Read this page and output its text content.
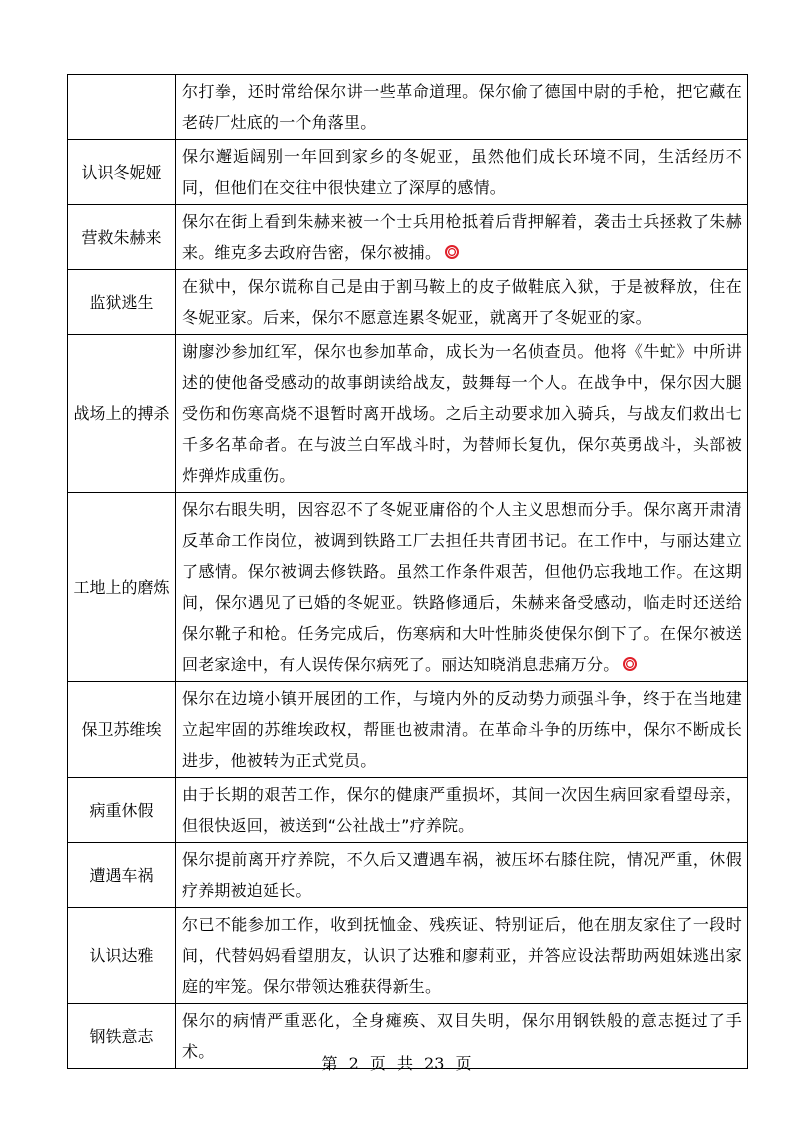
	尔打拳，还时常给保尔讲一些革命道理。保尔偷了德国中尉的手枪，把它藏在老砖厂灶底的一个角落里。
认识冬妮娅	保尔邂逅阔别一年回到家乡的冬妮亚，虽然他们成长环境不同，生活经历不同，但他们在交往中很快建立了深厚的感情。
营救朱赫来	保尔在街上看到朱赫来被一个士兵用枪抵着后背押解着，袭击士兵拯救了朱赫来。维克多去政府告密，保尔被捕。
监狱逃生	在狱中，保尔谎称自己是由于割马鞍上的皮子做鞋底入狱，于是被释放，住在冬妮亚家。后来，保尔不愿意连累冬妮亚，就离开了冬妮亚的家。
战场上的搏杀	谢廖沙参加红军，保尔也参加革命，成长为一名侦查员。他将《牛虻》中所讲述的使他备受感动的故事朗读给战友，鼓舞每一个人。在战争中，保尔因大腿受伤和伤寒高烧不退暂时离开战场。之后主动要求加入骑兵，与战友们救出七千多名革命者。在与波兰白军战斗时，为替师长复仇，保尔英勇战斗，头部被炸弹炸成重伤。
工地上的磨炼	保尔右眼失明，因容忍不了冬妮亚庸俗的个人主义思想而分手。保尔离开肃清反革命工作岗位，被调到铁路工厂去担任共青团书记。在工作中，与丽达建立了感情。保尔被调去修铁路。虽然工作条件艰苦，但他仍忘我地工作。在这期间，保尔遇见了已婚的冬妮亚。铁路修通后，朱赫来备受感动，临走时还送给保尔靴子和枪。任务完成后，伤寒病和大叶性肺炎使保尔倒下了。在保尔被送回老家途中，有人误传保尔病死了。丽达知晓消息悲痛万分。
保卫苏维埃	保尔在边境小镇开展团的工作，与境内外的反动势力顽强斗争，终于在当地建立起牢固的苏维埃政权，帮匪也被肃清。在革命斗争的历练中，保尔不断成长进步，他被转为正式党员。
病重休假	由于长期的艰苦工作，保尔的健康严重损坏，其间一次因生病回家看望母亲，但很快返回，被送到“公社战士”疗养院。
遭遇车祸	保尔提前离开疗养院，不久后又遭遇车祸，被压坏右膝住院，情况严重，休假疗养期被迫延长。
认识达雅	尔已不能参加工作，收到抚恤金、残疾证、特别证后，他在朋友家住了一段时间，代替妈妈看望朋友，认识了达雅和廖莉亚，并答应设法帮助两姐妹逃出家庭的牢笼。保尔带领达雅获得新生。
钢铁意志	保尔的病情严重恶化，全身瘫痪、双目失明，保尔用钢铁般的意志挺过了手术。
第 2 页 共 23 页
